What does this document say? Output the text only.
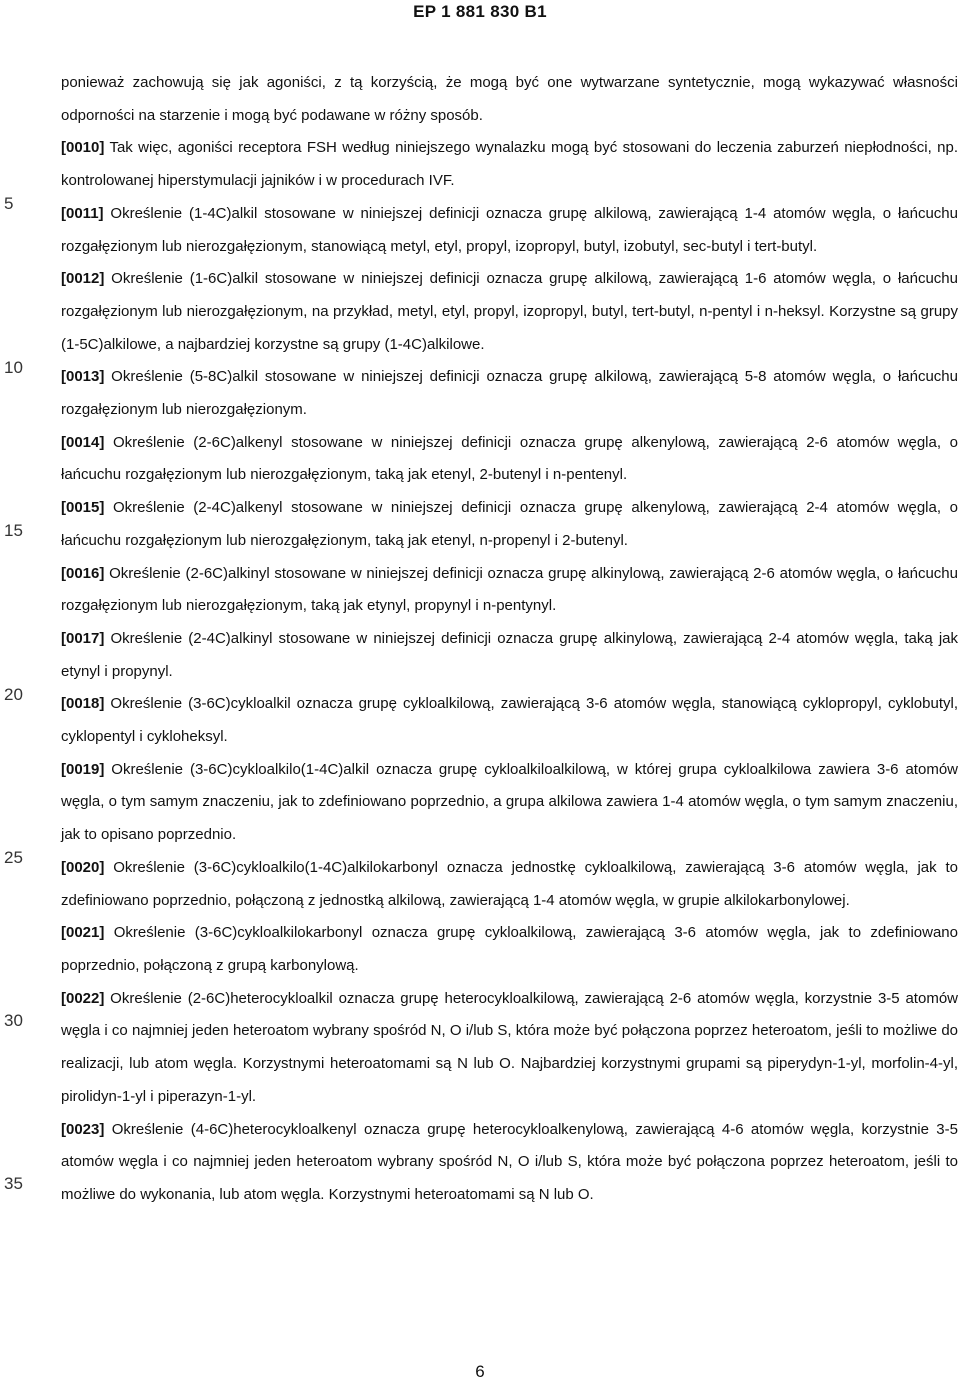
EP 1 881 830 B1
5
10
15
20
25
30
35

ponieważ zachowują się jak agoniści, z tą korzyścią, że mogą być one wytwarzane syntetycznie, mogą wykazywać własności odporności na starzenie i mogą być podawane w różny sposób.

[0010] Tak więc, agoniści receptora FSH według niniejszego wynalazku mogą być stosowani do leczenia zaburzeń niepłodności, np. kontrolowanej hiperstymulacji jajników i w procedurach IVF.

[0011] Określenie (1-4C)alkil stosowane w niniejszej definicji oznacza grupę alkilową, zawierającą 1-4 atomów węgla, o łańcuchu rozgałęzionym lub nierozgałęzionym, stanowiącą metyl, etyl, propyl, izopropyl, butyl, izobutyl, sec-butyl i tert-butyl.

[0012] Określenie (1-6C)alkil stosowane w niniejszej definicji oznacza grupę alkilową, zawierającą 1-6 atomów węgla, o łańcuchu rozgałęzionym lub nierozgałęzionym, na przykład, metyl, etyl, propyl, izopropyl, butyl, tert-butyl, n-pentyl i n-heksyl. Korzystne są grupy (1-5C)alkilowe, a najbardziej korzystne są grupy (1-4C)alkilowe.

[0013] Określenie (5-8C)alkil stosowane w niniejszej definicji oznacza grupę alkilową, zawierającą 5-8 atomów węgla, o łańcuchu rozgałęzionym lub nierozgałęzionym.

[0014] Określenie (2-6C)alkenyl stosowane w niniejszej definicji oznacza grupę alkenylową, zawierającą 2-6 atomów węgla, o łańcuchu rozgałęzionym lub nierozgałęzionym, taką jak etenyl, 2-butenyl i n-pentenyl.

[0015] Określenie (2-4C)alkenyl stosowane w niniejszej definicji oznacza grupę alkenylową, zawierającą 2-4 atomów węgla, o łańcuchu rozgałęzionym lub nierozgałęzionym, taką jak etenyl, n-propenyl i 2-butenyl.

[0016] Określenie (2-6C)alkinyl stosowane w niniejszej definicji oznacza grupę alkinylową, zawierającą 2-6 atomów węgla, o łańcuchu rozgałęzionym lub nierozgałęzionym, taką jak etynyl, propynyl i n-pentynyl.

[0017] Określenie (2-4C)alkinyl stosowane w niniejszej definicji oznacza grupę alkinylową, zawierającą 2-4 atomów węgla, taką jak etynyl i propynyl.

[0018] Określenie (3-6C)cykloalkil oznacza grupę cykloalkilową, zawierającą 3-6 atomów węgla, stanowiącą cyklopropyl, cyklobutyl, cyklopentyl i cykloheksyl.

[0019] Określenie (3-6C)cykloalkilo(1-4C)alkil oznacza grupę cykloalkiloalkilową, w której grupa cykloalkilowa zawiera 3-6 atomów węgla, o tym samym znaczeniu, jak to zdefiniowano poprzednio, a grupa alkilowa zawiera 1-4 atomów węgla, o tym samym znaczeniu, jak to opisano poprzednio.

[0020] Określenie (3-6C)cykloalkilo(1-4C)alkilokarbonyl oznacza jednostkę cykloalkilową, zawierającą 3-6 atomów węgla, jak to zdefiniowano poprzednio, połączoną z jednostką alkilową, zawierającą 1-4 atomów węgla, w grupie alkilokarbonylowej.

[0021] Określenie (3-6C)cykloalkilokarbonyl oznacza grupę cykloalkilową, zawierającą 3-6 atomów węgla, jak to zdefiniowano poprzednio, połączoną z grupą karbonylową.

[0022] Określenie (2-6C)heterocykloalkil oznacza grupę heterocykloalkilową, zawierającą 2-6 atomów węgla, korzystnie 3-5 atomów węgla i co najmniej jeden heteroatom wybrany spośród N, O i/lub S, która może być połączona poprzez heteroatom, jeśli to możliwe do realizacji, lub atom węgla. Korzystnymi heteroatomami są N lub O. Najbardziej korzystnymi grupami są piperydyn-1-yl, morfolin-4-yl, pirolidyn-1-yl i piperazyn-1-yl.

[0023] Określenie (4-6C)heterocykloalkenyl oznacza grupę heterocykloalkenylową, zawierającą 4-6 atomów węgla, korzystnie 3-5 atomów węgla i co najmniej jeden heteroatom wybrany spośród N, O i/lub S, która może być połączona poprzez heteroatom, jeśli to możliwe do wykonania, lub atom węgla. Korzystnymi heteroatomami są N lub O.

6
